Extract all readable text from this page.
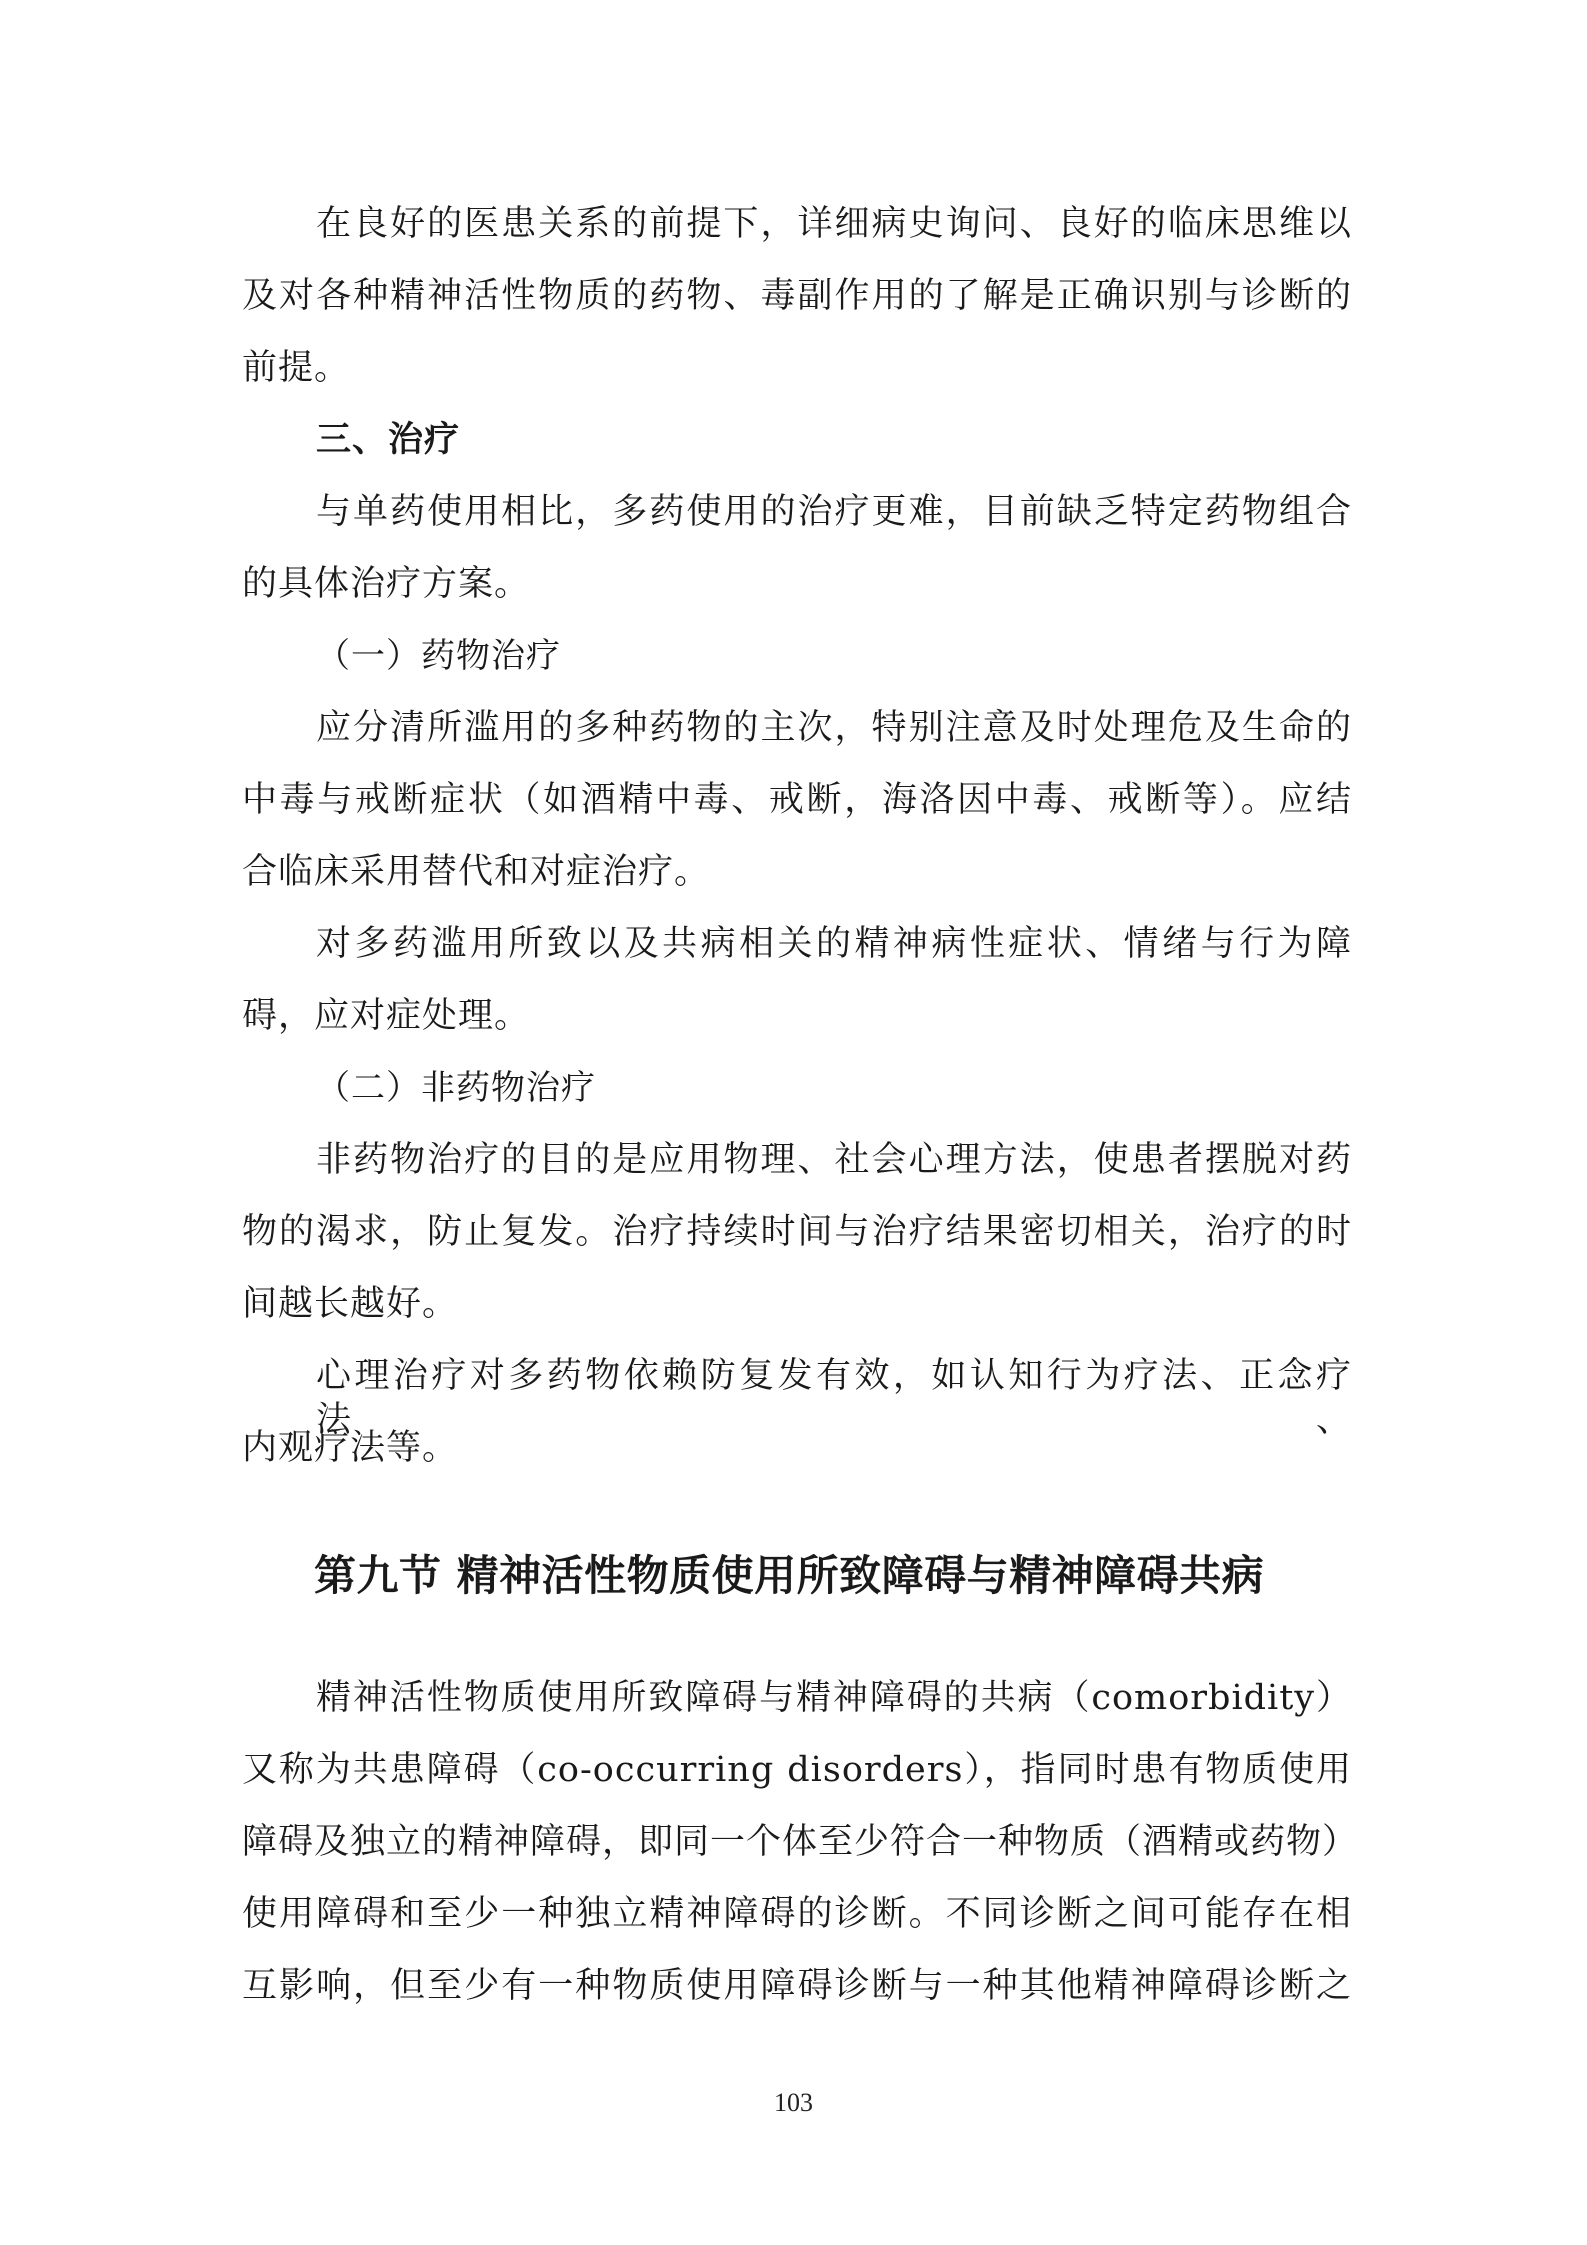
在良好的医患关系的前提下，详细病史询问、良好的临床思维以
及对各种精神活性物质的药物、毒副作用的了解是正确识别与诊断的
前提。
三、治疗
与单药使用相比，多药使用的治疗更难，目前缺乏特定药物组合
的具体治疗方案。
（一）药物治疗
应分清所滥用的多种药物的主次，特别注意及时处理危及生命的
中毒与戒断症状（如酒精中毒、戒断，海洛因中毒、戒断等）。应结
合临床采用替代和对症治疗。
对多药滥用所致以及共病相关的精神病性症状、情绪与行为障
碍，应对症处理。
（二）非药物治疗
非药物治疗的目的是应用物理、社会心理方法，使患者摆脱对药
物的渴求，防止复发。治疗持续时间与治疗结果密切相关，治疗的时
间越长越好。
心理治疗对多药物依赖防复发有效，如认知行为疗法、正念疗法、
内观疗法等。
第九节 精神活性物质使用所致障碍与精神障碍共病
精神活性物质使用所致障碍与精神障碍的共病（comorbidity）
又称为共患障碍（co-occurring disorders），指同时患有物质使用
障碍及独立的精神障碍，即同一个体至少符合一种物质（酒精或药物）
使用障碍和至少一种独立精神障碍的诊断。不同诊断之间可能存在相
互影响，但至少有一种物质使用障碍诊断与一种其他精神障碍诊断之
103
